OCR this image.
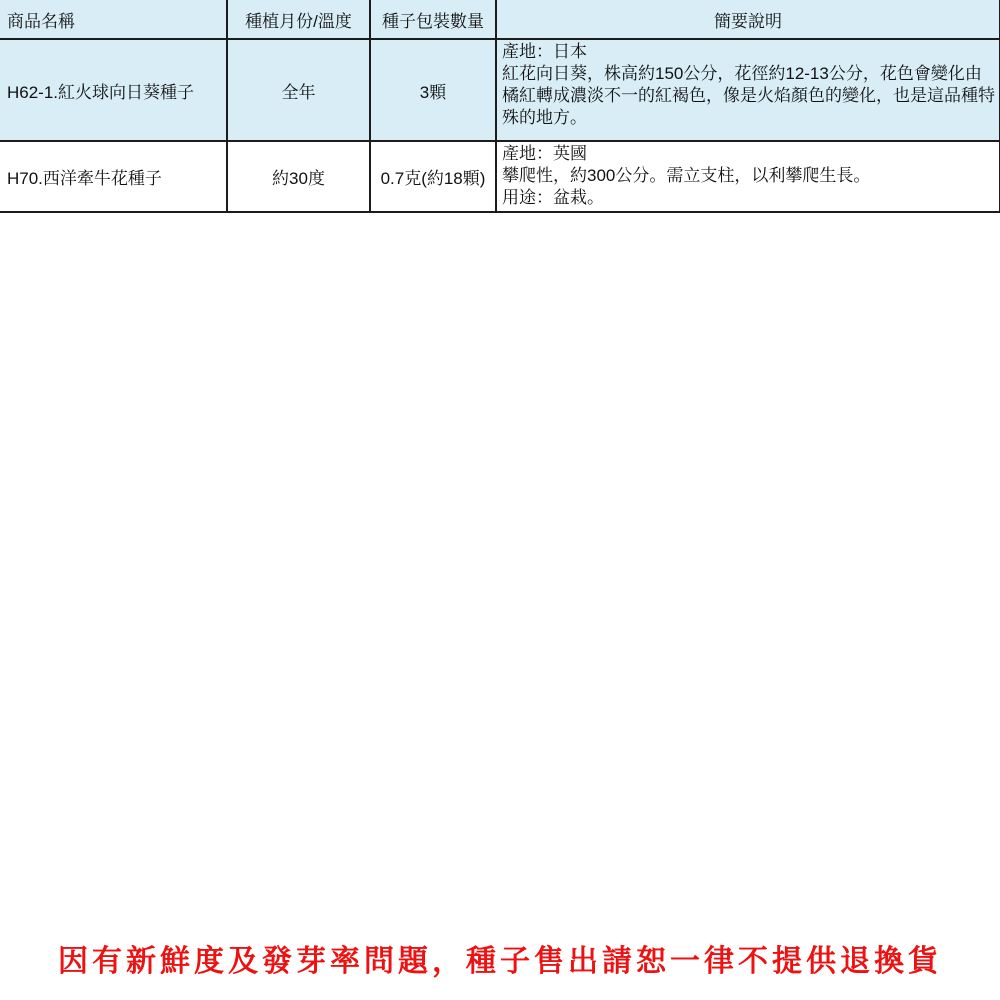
商品名稱	種植月份/溫度	種子包裝數量	簡要說明
H62-1.紅火球向日葵種子	全年	3顆	產地：日本
紅花向日葵，株高約150公分，花徑約12-13公分，花色會變化由橘紅轉成濃淡不一的紅褐色，像是火焰顏色的變化，也是這品種特殊的地方。

H70.西洋牽牛花種子	約30度	0.7克(約18顆)	產地：英國
攀爬性，約300公分。需立支柱，以利攀爬生長。
用途：盆栽。
因有新鮮度及發芽率問題，種子售出請恕一律不提供退換貨
